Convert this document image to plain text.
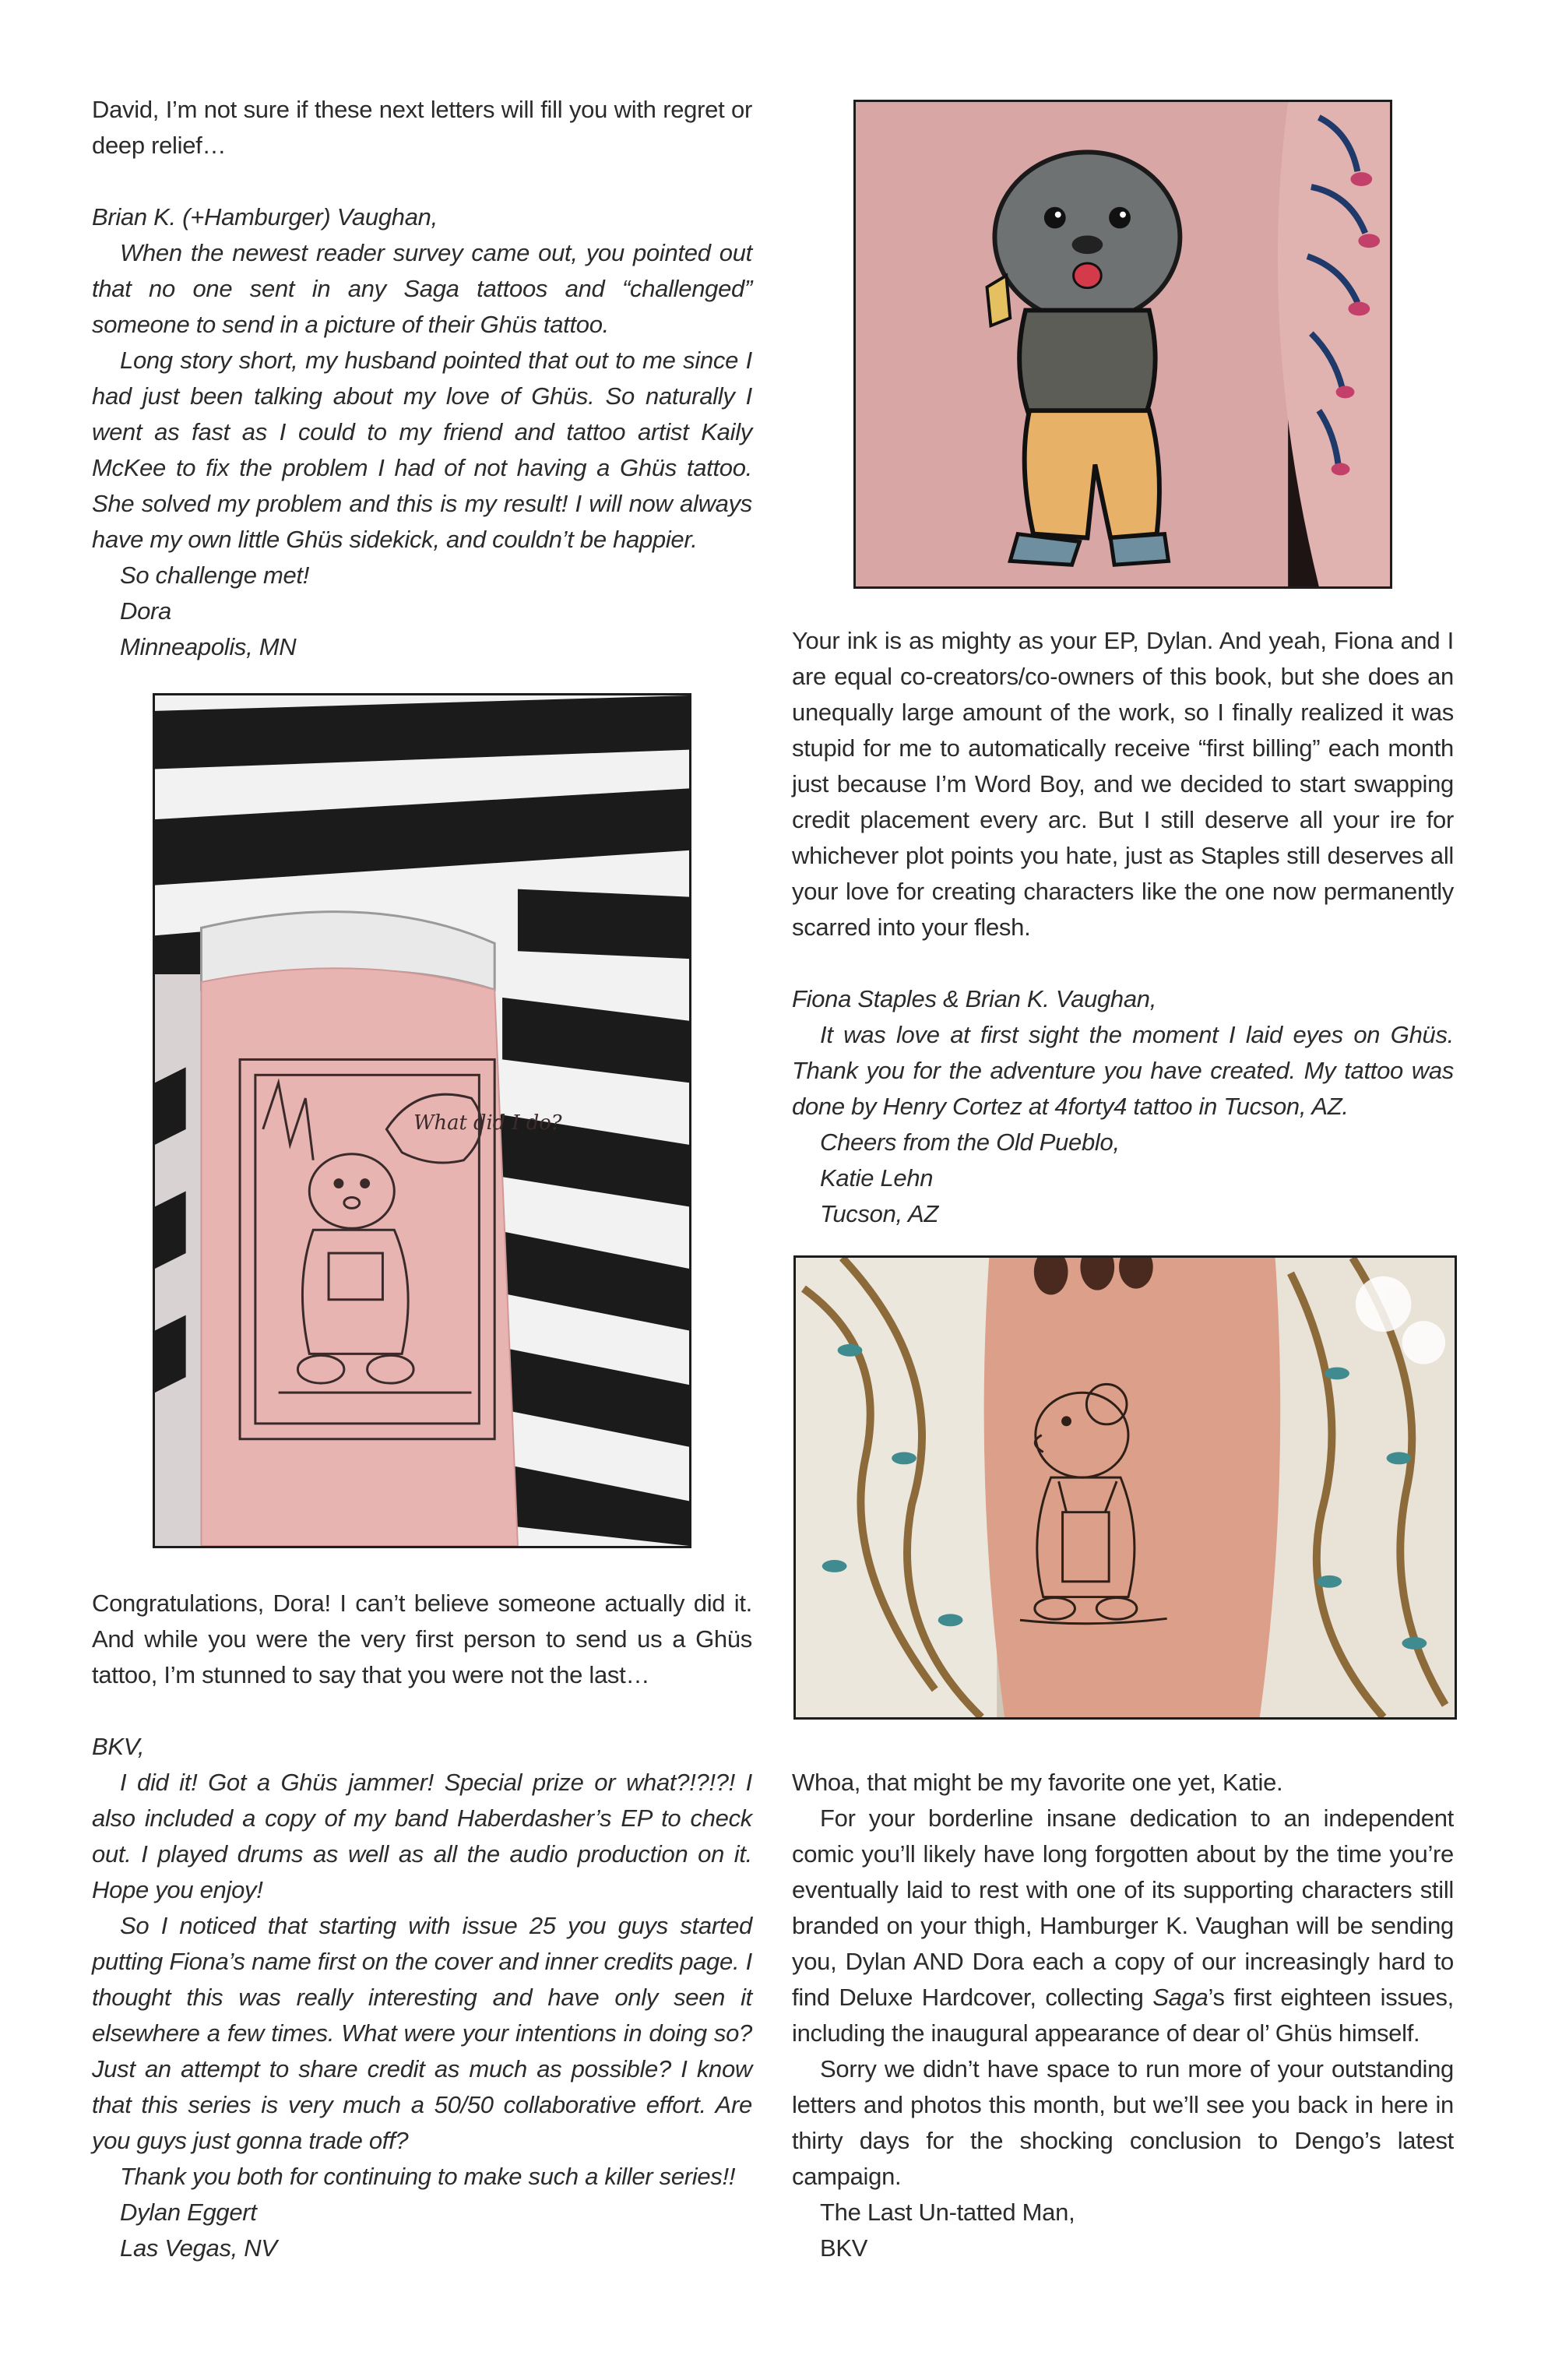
David, I’m not sure if these next letters will fill you with regret or deep relief…

Brian K. (+Hamburger) Vaughan,

When the newest reader survey came out, you pointed out that no one sent in any Saga tattoos and “challenged” someone to send in a picture of their Ghüs tattoo.

Long story short, my husband pointed that out to me since I had just been talking about my love of Ghüs. So naturally I went as fast as I could to my friend and tattoo artist Kaily McKee to fix the problem I had of not having a Ghüs tattoo. She solved my problem and this is my result! I will now always have my own little Ghüs sidekick, and couldn’t be happier.

So challenge met!

Dora

Minneapolis, MN

What did I do?

Congratulations, Dora! I can’t believe someone actually did it. And while you were the very first person to send us a Ghüs tattoo, I’m stunned to say that you were not the last…

BKV,

I did it! Got a Ghüs jammer! Special prize or what?!?!?! I also included a copy of my band Haberdasher’s EP to check out. I played drums as well as all the audio production on it. Hope you enjoy!

So I noticed that starting with issue 25 you guys started putting Fiona’s name first on the cover and inner credits page. I thought this was really interesting and have only seen it elsewhere a few times. What were your intentions in doing so? Just an attempt to share credit as much as possible? I know that this series is very much a 50/50 collaborative effort. Are you guys just gonna trade off?

Thank you both for continuing to make such a killer series!!

Dylan Eggert

Las Vegas, NV

Your ink is as mighty as your EP, Dylan. And yeah, Fiona and I are equal co-creators/co-owners of this book, but she does an unequally large amount of the work, so I finally realized it was stupid for me to automatically receive “first billing” each month just because I’m Word Boy, and we decided to start swapping credit placement every arc. But I still deserve all your ire for whichever plot points you hate, just as Staples still deserves all your love for creating characters like the one now permanently scarred into your flesh.

Fiona Staples & Brian K. Vaughan,

It was love at first sight the moment I laid eyes on Ghüs. Thank you for the adventure you have created. My tattoo was done by Henry Cortez at 4forty4 tattoo in Tucson, AZ.

Cheers from the Old Pueblo,

Katie Lehn

Tucson, AZ

Whoa, that might be my favorite one yet, Katie.

For your borderline insane dedication to an independent comic you’ll likely have long forgotten about by the time you’re eventually laid to rest with one of its supporting characters still branded on your thigh, Hamburger K. Vaughan will be sending you, Dylan AND Dora each a copy of our increasingly hard to find Deluxe Hardcover, collecting Saga’s first eighteen issues, including the inaugural appearance of dear ol’ Ghüs himself.

Sorry we didn’t have space to run more of your outstanding letters and photos this month, but we’ll see you back in here in thirty days for the shocking conclusion to Dengo’s latest campaign.

The Last Un-tatted Man,

BKV
